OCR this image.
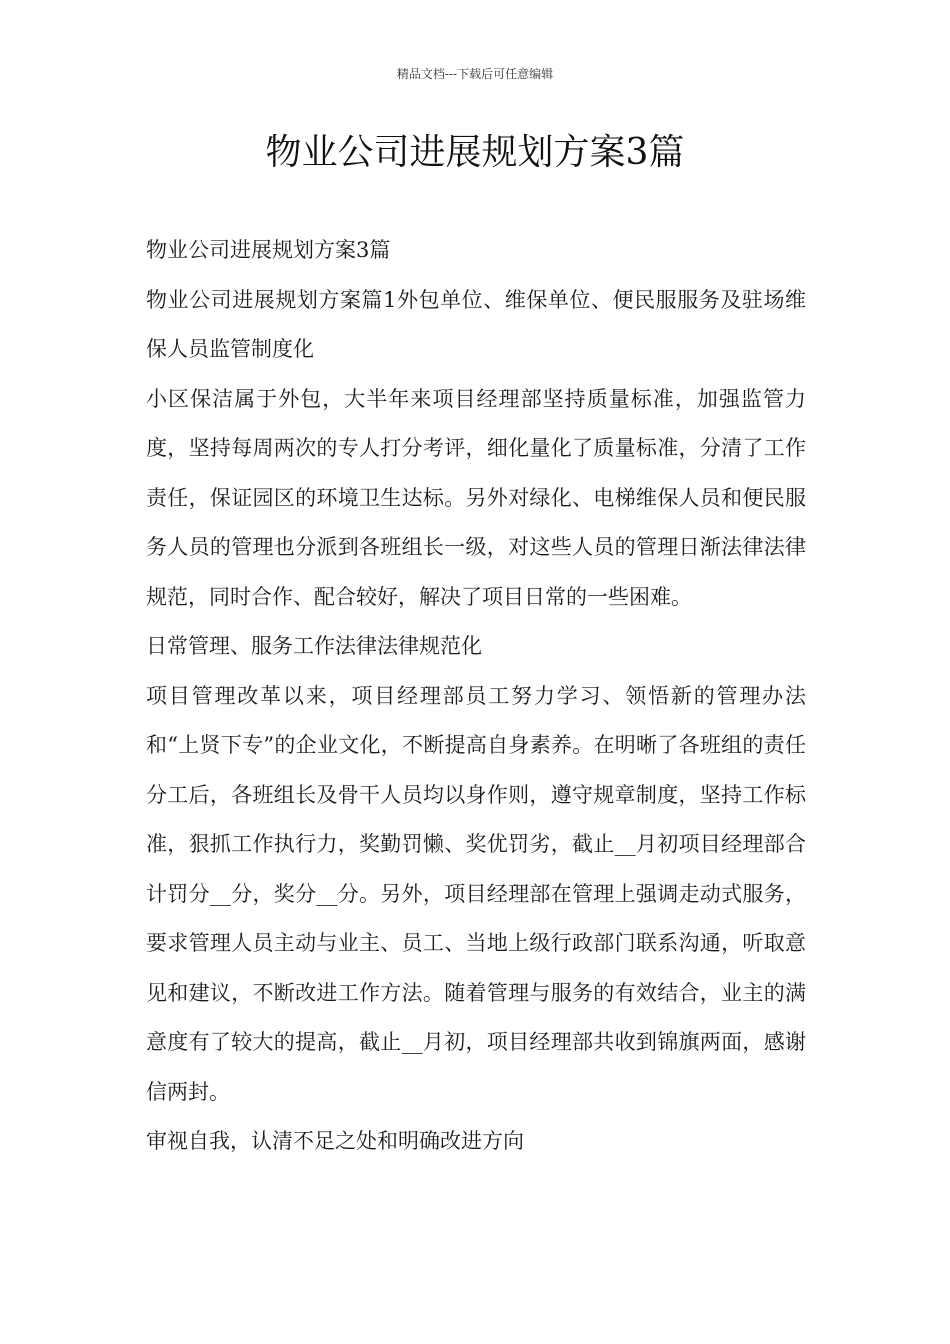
精品文档---下载后可任意编辑
物业公司进展规划方案3篇

物业公司进展规划方案3篇

物业公司进展规划方案篇1外包单位、维保单位、便民服服务及驻场维保人员监管制度化

小区保洁属于外包，大半年来项目经理部坚持质量标准，加强监管力度，坚持每周两次的专人打分考评，细化量化了质量标准，分清了工作责任，保证园区的环境卫生达标。另外对绿化、电梯维保人员和便民服务人员的管理也分派到各班组长一级，对这些人员的管理日渐法律法律规范，同时合作、配合较好，解决了项目日常的一些困难。

日常管理、服务工作法律法律规范化

项目管理改革以来，项目经理部员工努力学习、领悟新的管理办法和“上贤下专”的企业文化，不断提高自身素养。在明晰了各班组的责任分工后，各班组长及骨干人员均以身作则，遵守规章制度，坚持工作标准，狠抓工作执行力，奖勤罚懒、奖优罚劣，截止__月初项目经理部合计罚分__分，奖分__分。另外，项目经理部在管理上强调走动式服务，要求管理人员主动与业主、员工、当地上级行政部门联系沟通，听取意见和建议，不断改进工作方法。随着管理与服务的有效结合，业主的满意度有了较大的提高，截止__月初，项目经理部共收到锦旗两面，感谢信两封。

审视自我，认清不足之处和明确改进方向
